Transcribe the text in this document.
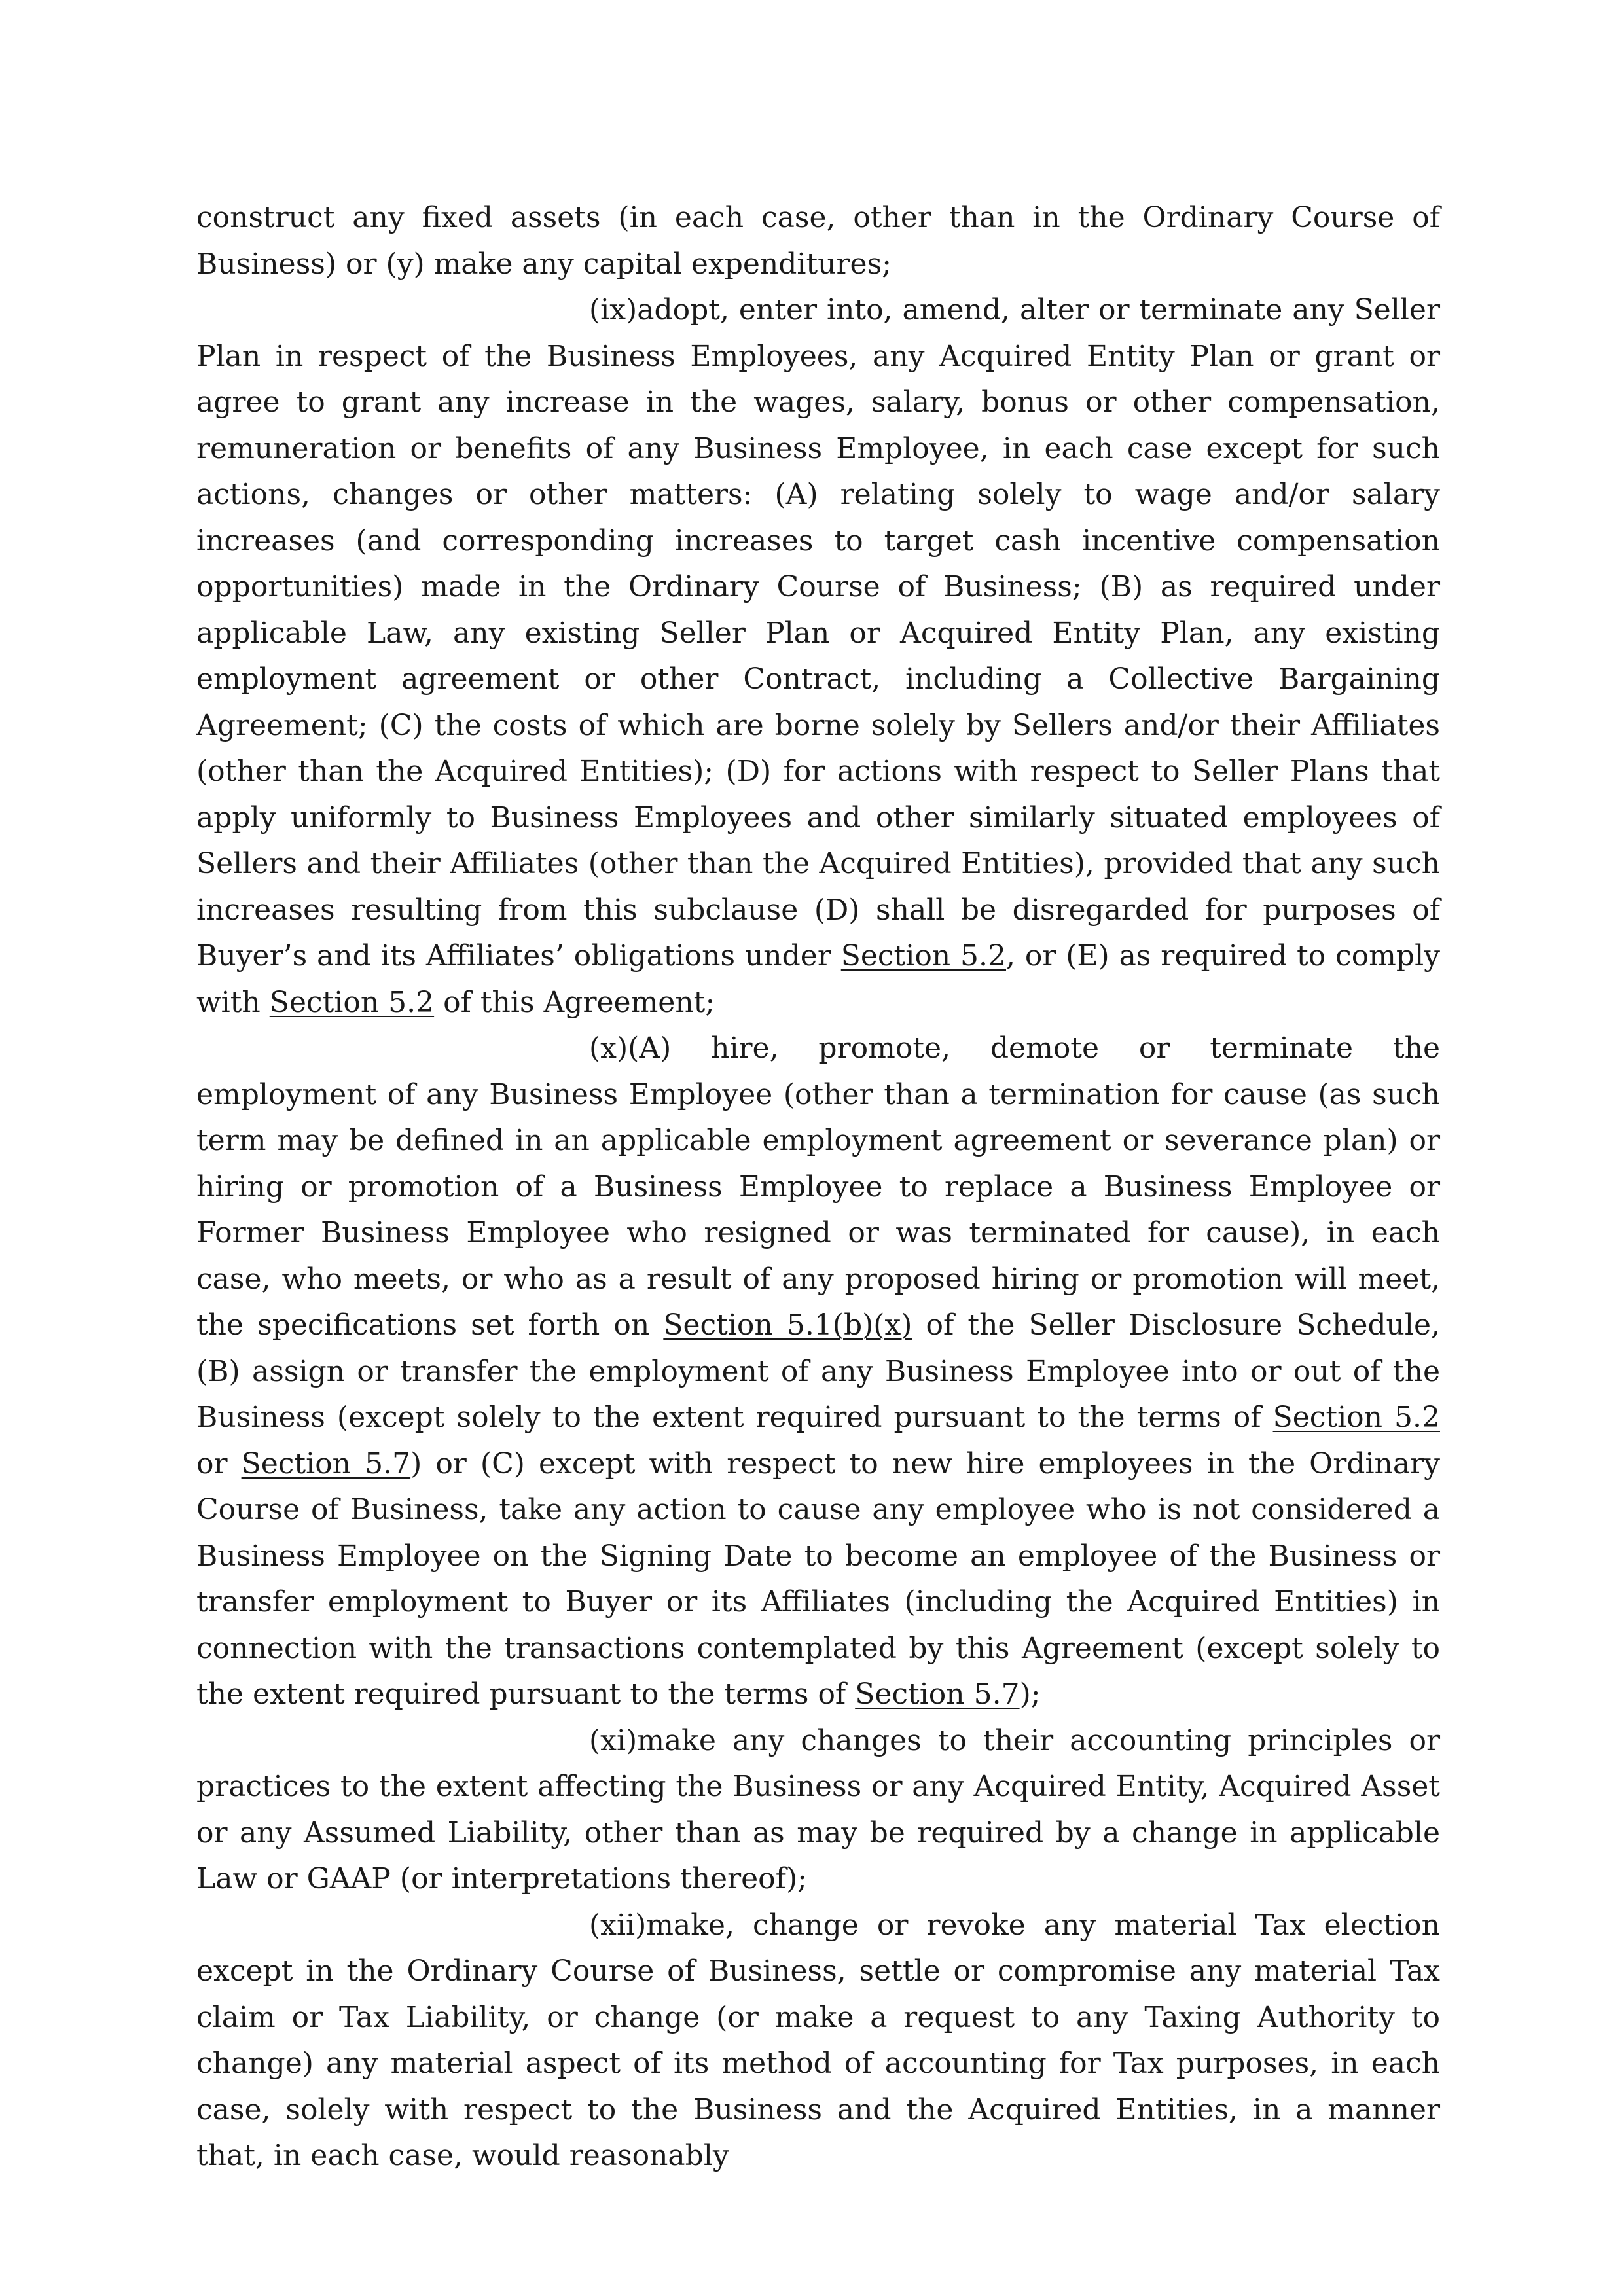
construct any fixed assets (in each case, other than in the Ordinary Course of Business) or (y) make any capital expenditures;

(ix)adopt, enter into, amend, alter or terminate any Seller Plan in respect of the Business Employees, any Acquired Entity Plan or grant or agree to grant any increase in the wages, salary, bonus or other compensation, remuneration or benefits of any Business Employee, in each case except for such actions, changes or other matters: (A) relating solely to wage and/or salary increases (and corresponding increases to target cash incentive compensation opportunities) made in the Ordinary Course of Business; (B) as required under applicable Law, any existing Seller Plan or Acquired Entity Plan, any existing employment agreement or other Contract, including a Collective Bargaining Agreement; (C) the costs of which are borne solely by Sellers and/or their Affiliates (other than the Acquired Entities); (D) for actions with respect to Seller Plans that apply uniformly to Business Employees and other similarly situated employees of Sellers and their Affiliates (other than the Acquired Entities), provided that any such increases resulting from this subclause (D) shall be disregarded for purposes of Buyer’s and its Affiliates’ obligations under Section 5.2, or (E) as required to comply with Section 5.2 of this Agreement;

(x)(A) hire, promote, demote or terminate the employment of any Business Employee (other than a termination for cause (as such term may be defined in an applicable employment agreement or severance plan) or hiring or promotion of a Business Employee to replace a Business Employee or Former Business Employee who resigned or was terminated for cause), in each case, who meets, or who as a result of any proposed hiring or promotion will meet, the specifications set forth on Section 5.1(b)(x) of the Seller Disclosure Schedule, (B) assign or transfer the employment of any Business Employee into or out of the Business (except solely to the extent required pursuant to the terms of Section 5.2 or Section 5.7) or (C) except with respect to new hire employees in the Ordinary Course of Business, take any action to cause any employee who is not considered a Business Employee on the Signing Date to become an employee of the Business or transfer employment to Buyer or its Affiliates (including the Acquired Entities) in connection with the transactions contemplated by this Agreement (except solely to the extent required pursuant to the terms of Section 5.7);

(xi)make any changes to their accounting principles or practices to the extent affecting the Business or any Acquired Entity, Acquired Asset or any Assumed Liability, other than as may be required by a change in applicable Law or GAAP (or interpretations thereof);

(xii)make, change or revoke any material Tax election except in the Ordinary Course of Business, settle or compromise any material Tax claim or Tax Liability, or change (or make a request to any Taxing Authority to change) any material aspect of its method of accounting for Tax purposes, in each case, solely with respect to the Business and the Acquired Entities, in a manner that, in each case, would reasonably
